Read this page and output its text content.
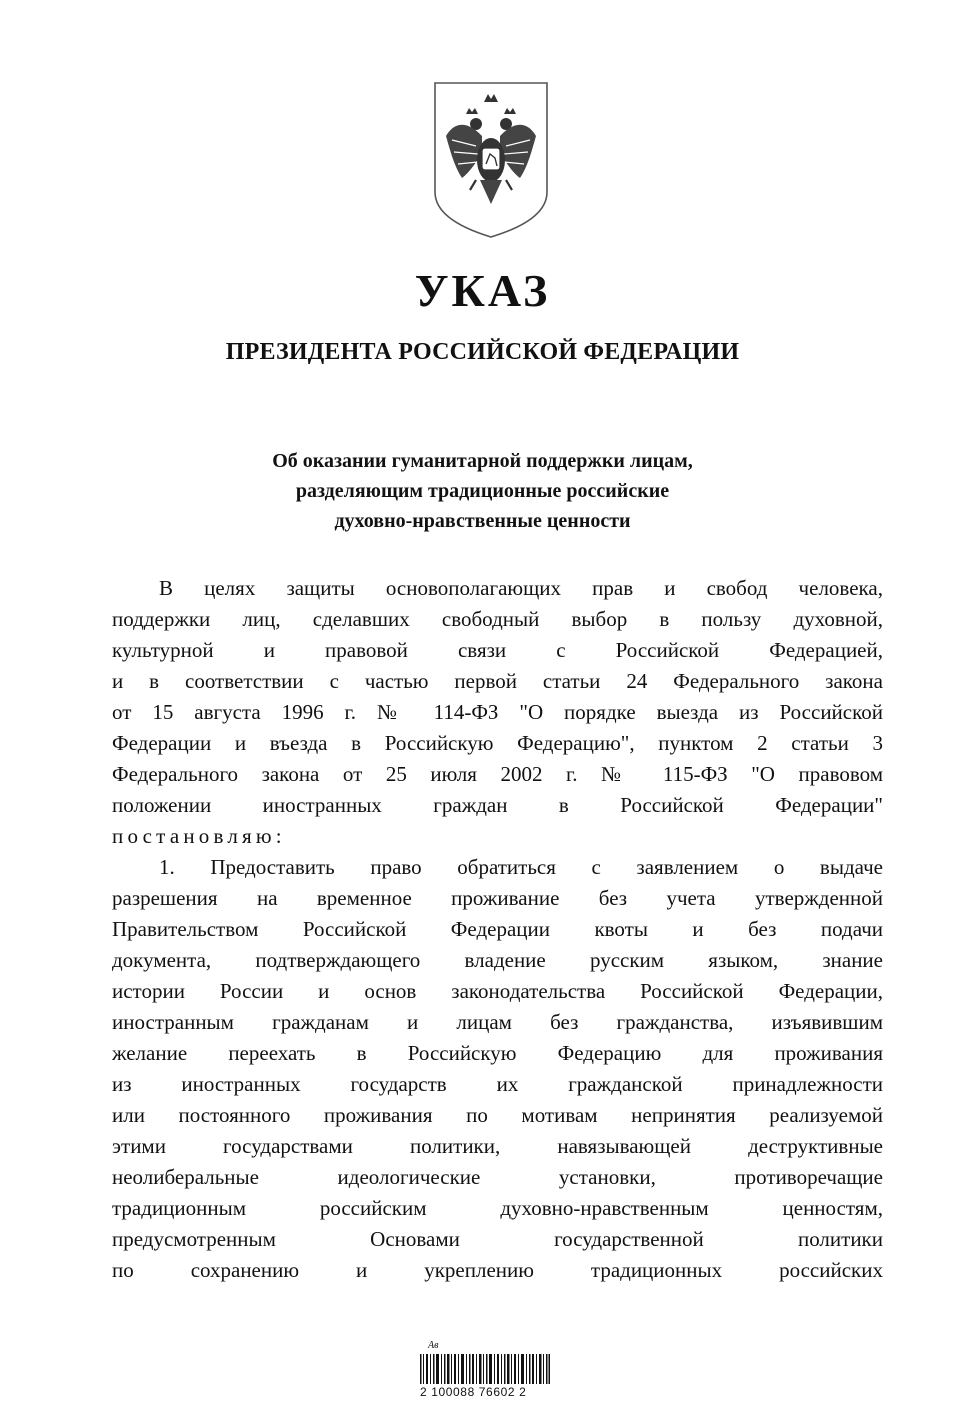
УКАЗ
ПРЕЗИДЕНТА РОССИЙСКОЙ ФЕДЕРАЦИИ
Об оказании гуманитарной поддержки лицам,
разделяющим традиционные российские
духовно-нравственные ценности
В целях защиты основополагающих прав и свобод человека,
поддержки лиц, сделавших свободный выбор в пользу духовной,
культурной и правовой связи с Российской Федерацией,
и в соответствии с частью первой статьи 24 Федерального закона
от 15 августа 1996 г. № 114-ФЗ "О порядке выезда из Российской
Федерации и въезда в Российскую Федерацию", пунктом 2 статьи 3
Федерального закона от 25 июля 2002 г. № 115-ФЗ "О правовом
положении иностранных граждан в Российской Федерации"
постановляю:
1. Предоставить право обратиться с заявлением о выдаче
разрешения на временное проживание без учета утвержденной
Правительством Российской Федерации квоты и без подачи
документа, подтверждающего владение русским языком, знание
истории России и основ законодательства Российской Федерации,
иностранным гражданам и лицам без гражданства, изъявившим
желание переехать в Российскую Федерацию для проживания
из иностранных государств их гражданской принадлежности
или постоянного проживания по мотивам непринятия реализуемой
этими государствами политики, навязывающей деструктивные
неолиберальные идеологические установки, противоречащие
традиционным российским духовно-нравственным ценностям,
предусмотренным Основами государственной политики
по сохранению и укреплению традиционных российских
Ав
2 100088 76602 2
